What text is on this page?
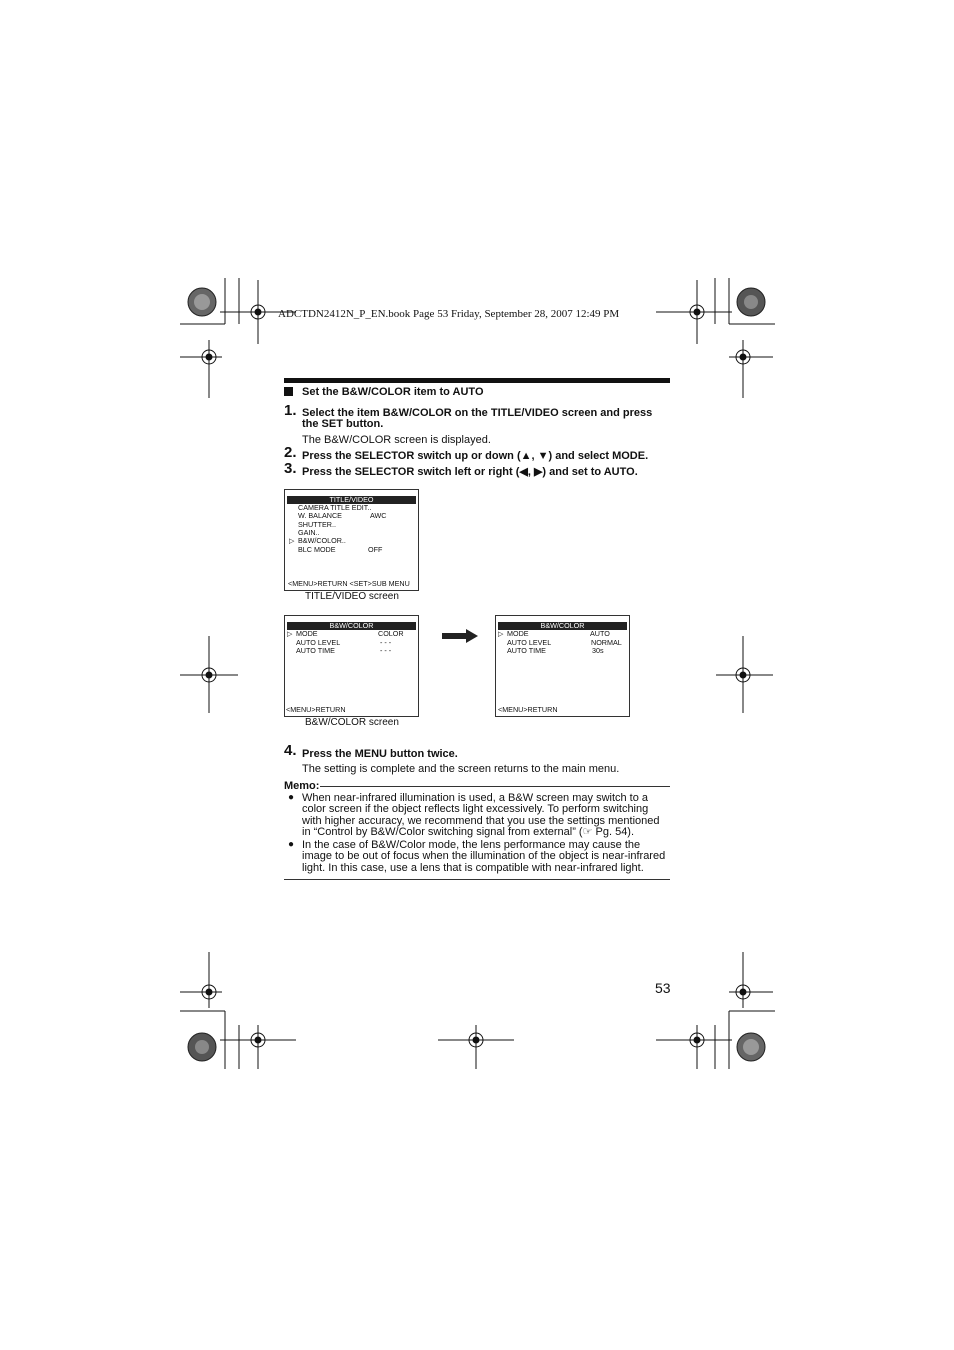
ADCTDN2412N_P_EN.book Page 53 Friday, September 28, 2007 12:49 PM
Set the B&W/COLOR item to AUTO
1. Select the item B&W/COLOR on the TITLE/VIDEO screen and press the SET button.
The B&W/COLOR screen is displayed.
2. Press the SELECTOR switch up or down (▲, ▼) and select MODE.
3. Press the SELECTOR switch left or right (◀, ▶) and set to AUTO.
TITLE/VIDEO
CAMERA TITLE EDIT..
W. BALANCE	AWC
SHUTTER..
GAIN..
▷ B&W/COLOR..
BLC MODE	OFF
<MENU>RETURN <SET>SUB MENU
TITLE/VIDEO screen
B&W/COLOR
▷ MODE	COLOR
AUTO LEVEL	- - -
AUTO TIME	- - -
<MENU>RETURN
B&W/COLOR screen
B&W/COLOR
▷ MODE	AUTO
AUTO LEVEL	NORMAL
AUTO TIME	30s
<MENU>RETURN
4. Press the MENU button twice.
The setting is complete and the screen returns to the main menu.
Memo:
● When near-infrared illumination is used, a B&W screen may switch to a
color screen if the object reflects light excessively. To perform switching
with higher accuracy, we recommend that you use the settings mentioned
in “Control by B&W/Color switching signal from external” (☞ Pg. 54).
● In the case of B&W/Color mode, the lens performance may cause the
image to be out of focus when the illumination of the object is near-infrared
light. In this case, use a lens that is compatible with near-infrared light.
53
